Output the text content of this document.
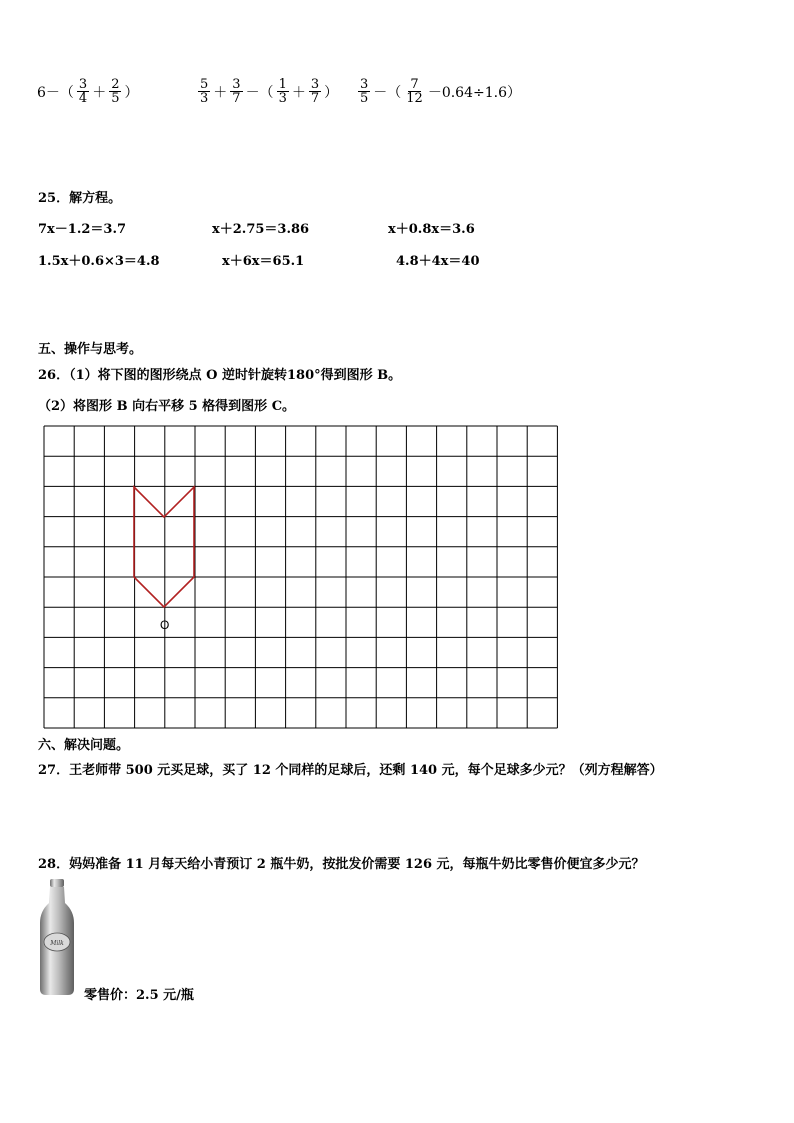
$6-( \frac{3}{4} + \frac{2}{5}$ ）	$\frac{5}{3} + \frac{3}{7}$ －（ $\frac{1}{3} + \frac{3}{7}$ ） $\frac{3}{5}$ －（ $\frac{7}{12} -0.64\div 1.6$）
25．解方程。
7x－1.2＝3.7	x＋2.75＝3.86	x＋0.8x＝3.6
1.5x＋0.6×3＝4.8	x＋6x＝65.1	4.8＋4x＝40
五、操作与思考。
26．（1）将下图的图形绕点 O 逆时针旋转180°得到图形 B。
（2）将图形 B 向右平移 5 格得到图形 C。
O
六、解决问题。
27．王老师带 500 元买足球，买了 12 个同样的足球后，还剩 140 元，每个足球多少元？（列方程解答）
28．妈妈准备 11 月每天给小青预订 2 瓶牛奶，按批发价需要 126 元，每瓶牛奶比零售价便宜多少元？
Milk
零售价：2.5 元/瓶
